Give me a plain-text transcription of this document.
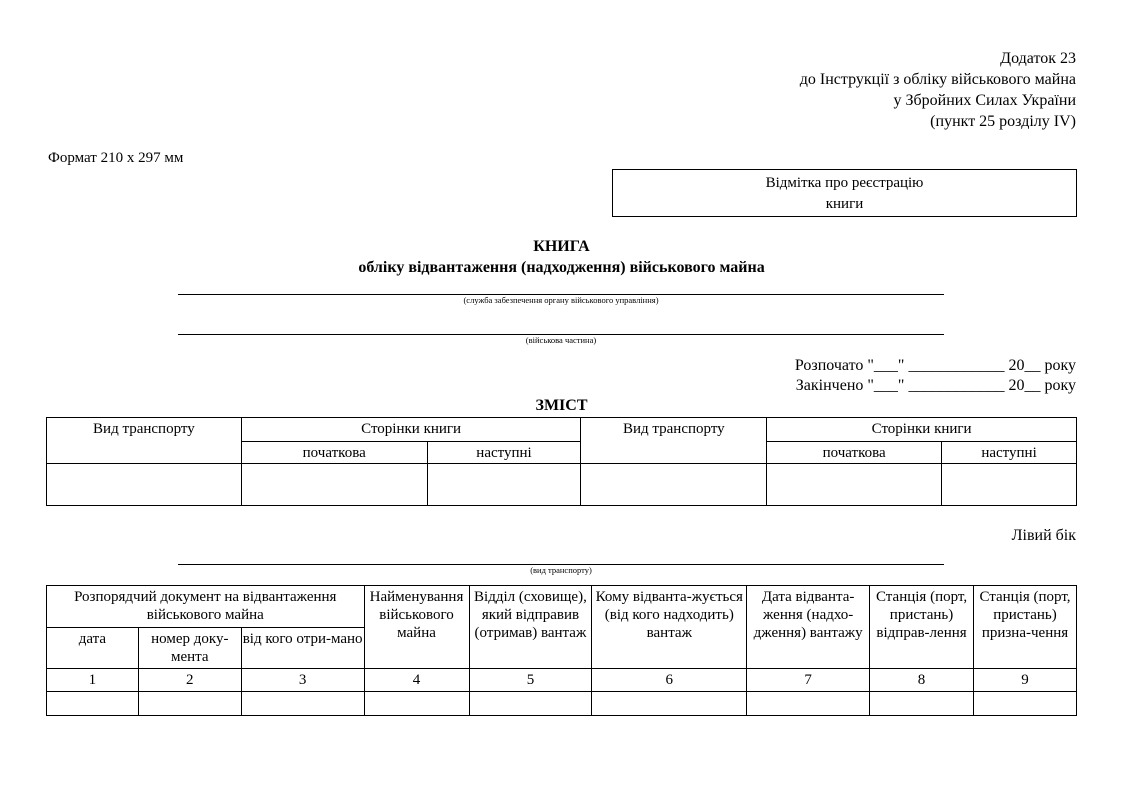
Додаток 23
до Інструкції з обліку військового майна
у Збройних Силах України
(пункт 25 розділу IV)
Формат 210 х 297 мм
Відмітка про реєстрацію
книги
КНИГА
обліку відвантаження (надходження) військового майна
(служба забезпечення органу військового управління)
(військова частина)
Розпочато "___" ____________ 20__ року
Закінчено "___" ____________ 20__ року
ЗМІСТ
Вид транспорту	Сторінки книги		Вид транспорту	Сторінки книги	
	початкова	наступні		початкова	наступні

Лівий бік
(вид транспорту)
Розпорядчий документ на відвантаження військового майна			Найменування військового майна	Відділ (сховище), який відправив (отримав) вантаж	Кому відванта-жується (від кого надходить) вантаж	Дата відванта-ження (надхо-дження) вантажу	Станція (порт, пристань) відправ-лення	Станція (порт, пристань) призна-чення
дата	номер доку-мента	від кого отри-мано						
1	2	3	4	5	6	7	8	9
